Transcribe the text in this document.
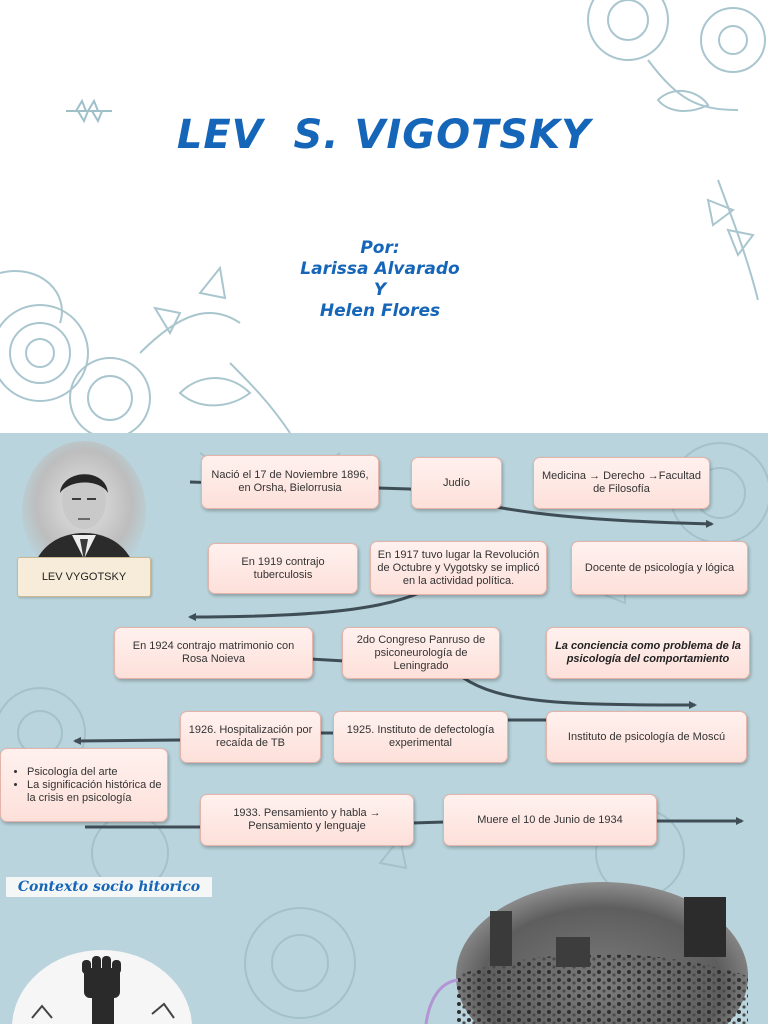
LEV  S. VIGOTSKY
Por:
Larissa Alvarado
Y
Helen Flores
LEV VYGOTSKY
Nació el 17 de Noviembre 1896, en Orsha, Bielorrusia	Judío
Medicina → Derecho →Facultad de Filosofía
En 1919 contrajo tuberculosis
En 1917 tuvo lugar la Revolución de Octubre y Vygotsky se implicó en la actividad política.
Docente de psicología y lógica
En 1924 contrajo matrimonio con Rosa Noieva
2do Congreso Panruso de psiconeurología de Leningrado
La conciencia como problema de la psicología del comportamiento
1926. Hospitalización por recaída de TB
1925. Instituto de defectología experimental
Instituto de psicología de Moscú
• Psicología del arte
• La significación histórica de la crisis en psicología
1933. Pensamiento y habla → Pensamiento y lenguaje
Muere el 10 de Junio de 1934
Contexto socio hitorico
